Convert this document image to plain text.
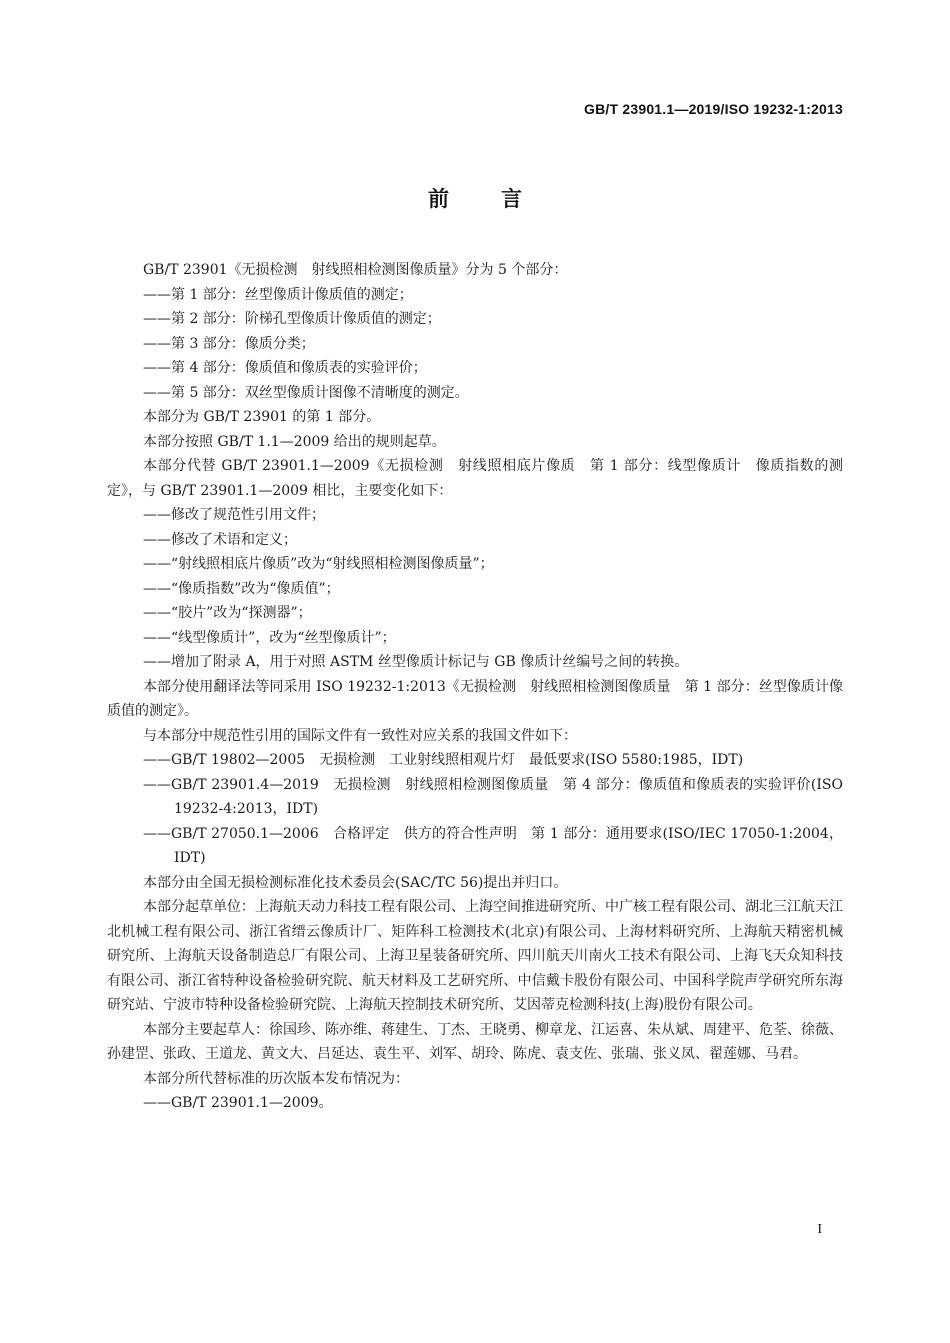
GB/T 23901.1—2019/ISO 19232-1:2013
前言

GB/T 23901《无损检测　射线照相检测图像质量》分为 5 个部分：

——第 1 部分：丝型像质计像质值的测定；

——第 2 部分：阶梯孔型像质计像质值的测定；

——第 3 部分：像质分类；

——第 4 部分：像质值和像质表的实验评价；

——第 5 部分：双丝型像质计图像不清晰度的测定。

本部分为 GB/T 23901 的第 1 部分。

本部分按照 GB/T 1.1—2009 给出的规则起草。

本部分代替 GB/T 23901.1—2009《无损检测　射线照相底片像质　第 1 部分：线型像质计　像质指数的测定》，与 GB/T 23901.1—2009 相比，主要变化如下：

——修改了规范性引用文件；

——修改了术语和定义；

——“射线照相底片像质”改为“射线照相检测图像质量”；

——“像质指数”改为“像质值”；

——“胶片”改为“探测器”；

——“线型像质计”，改为“丝型像质计”；

——增加了附录 A，用于对照 ASTM 丝型像质计标记与 GB 像质计丝编号之间的转换。

本部分使用翻译法等同采用 ISO 19232-1:2013《无损检测　射线照相检测图像质量　第 1 部分：丝型像质计像质值的测定》。

与本部分中规范性引用的国际文件有一致性对应关系的我国文件如下：

——GB/T 19802—2005　无损检测　工业射线照相观片灯　最低要求(ISO 5580:1985，IDT)

——GB/T 23901.4—2019　无损检测　射线照相检测图像质量　第 4 部分：像质值和像质表的实验评价(ISO 19232-4:2013，IDT)

——GB/T 27050.1—2006　合格评定　供方的符合性声明　第 1 部分：通用要求(ISO/IEC 17050-1:2004，IDT)

本部分由全国无损检测标准化技术委员会(SAC/TC 56)提出并归口。

本部分起草单位：上海航天动力科技工程有限公司、上海空间推进研究所、中广核工程有限公司、湖北三江航天江北机械工程有限公司、浙江省缙云像质计厂、矩阵科工检测技术(北京)有限公司、上海材料研究所、上海航天精密机械研究所、上海航天设备制造总厂有限公司、上海卫星装备研究所、四川航天川南火工技术有限公司、上海飞天众知科技有限公司、浙江省特种设备检验研究院、航天材料及工艺研究所、中信戴卡股份有限公司、中国科学院声学研究所东海研究站、宁波市特种设备检验研究院、上海航天控制技术研究所、艾因蒂克检测科技(上海)股份有限公司。

本部分主要起草人：徐国珍、陈亦维、蒋建生、丁杰、王晓勇、柳章龙、江运喜、朱从斌、周建平、危荃、徐薇、孙建罡、张政、王道龙、黄文大、吕延达、袁生平、刘军、胡玲、陈虎、袁支佐、张瑞、张义凤、翟莲娜、马君。

本部分所代替标准的历次版本发布情况为：

——GB/T 23901.1—2009。

I
